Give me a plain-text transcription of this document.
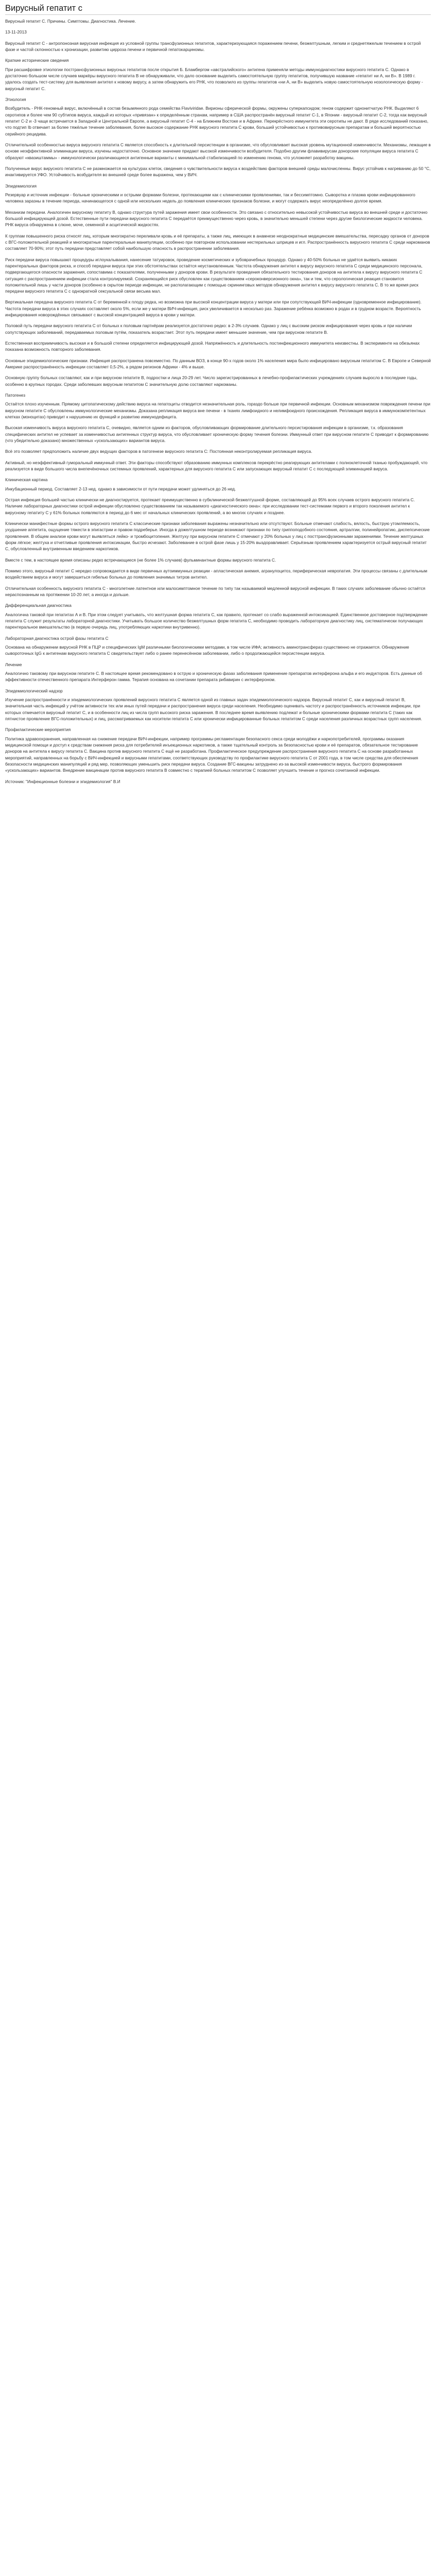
Вирусный гепатит с
Вирусный гепатит С. Причины. Симптомы. Диагностика. Лечение.
13-11-2013
Вирусный гепатит С - антропонозная вирусная инфекция из условной группы трансфузионных гепатитов, характеризующаяся поражением печени, безжелтушным, легким и среднетяжелым течением в острой фазе и частой склонностью к хронизации, развитию цирроза печени и первичной гепатокарциномы.
Краткие исторические сведения
При расшифровке этиологии постгрансфузионных вирусных гепатитов после открытия Б. Бламбергом «австралийского» антигена применяли методы иммунодиагностики вирусного гепатита С. Однако в достаточно большом числе случаев маркёры вирусного гепатита В не обнаруживали, что дало основание выделить самостоятельную группу гепатитов, получившую название «гепатит ни А, ни В». В 1989 г. удалось создать тест-систему для выявления антител к новому вирусу, а затем обнаружить его РНК, что позволило из группы гепатитов «ни А, ни В» выделить новую самостоятельную нозологическую форму - вирусный гепатит С.
Этиология
Возбудитель - РНК-геномный вирус, включённый в состав безымянного рода семейства Flaviviridae. Вирионы сферической формы, окружены суперкапсидом; геном содержит однонитчатую РНК. Выделяют 6 серотипов и более чем 90 субтипов вируса, каждый из которых «привязан» к определённым странам, например в США распространён вирусный гепатит С-1, в Японии - вирусный гепатит С-2, тогда как вирусный гепатит С-2 и -3 чаще встречается в Западной и Центральной Европе, а вирусный гепатит С-4 - на Ближнем Востоке и в Африке. Перекрёстного иммунитета эти серотипы не дают. В ряде исследований показано, что подтип Ib отвечает за более тяжёлые течение заболевания, более высокое содержание РНК вирусного гепатита С крови, больший устойчивостью к противовирусным препаратам и большей вероятностью серийного рецидива.
Отличительной особенностью вируса вирусного гепатита С является способность к длительной персистенции в организме, что обусловливает высокая уровень мутационной изменчивости. Механизмы, лежащие в основе неэффективной элиминации вируса, изучены недостаточно. Основное значение придают высокой изменчивости возбудителя. Подобно другим флавивирусам донорские популяции вируса гепатита С образуют «квазиштаммы» - иммунологически различающиеся антигенные варианты с минимальной стабилизацией по изменению генома, что усложняет разработку вакцины.
Полученные вирус вирусного гепатита С не размножается на культурах клеток, сведения о чувствительности вируса к воздействию факторов внешней среды малочисленны. Вирус устойчив к нагреванию до 50 °С, инактивируется УФО. Устойчивость возбудителя во внешней среде более выражена, чем у ВИЧ.
Эпидемиология
Резервуар и источник инфекции - больные хроническими и острыми формами болезни, протекающими как с клиническими проявлениями, так и бессимптомно. Сыворотка и плазма крови инфицированного человека заразны в течение периода, начинающегося с одной или нескольких недель до появления клинических признаков болезни, и могут содержать вирус неопределённо долгое время.
Механизм передачи. Аналогичен вирусному гепатиту В, однако структура путей заражения имеет свои особенности. Это связано с относительно невысокой устойчивостью вируса во внешней среде и достаточно большой инфицирующей дозой. Естественные пути передачи вирусного гепатита С передаётся преимущественно через кровь, в значительно меньшей степени через другие биологические жидкости человека. РНК вируса обнаружена в слюне, моче, семенной и асцитической жидкостях.
К группам повышенного риска относят лиц, которым многократно переливали кровь и её препараты, а также лиц, имеющих в анамнезе неоднократные медицинские вмешательства, пересадку органов от доноров с ВГС-положительной реакцией и многократные парентеральные манипуляции, особенно при повторном использовании нестерильных шприцев и игл. Распространённость вирусного гепатита С среди наркоманов составляет 70-90%; этот путь передачи представляет собой наибольшую опасность в распространении заболевания.
Риск передачи вируса повышают процедуры иглоукалывания, нанесение татуировок, проведение косметических и зубоврачебных процедур. Однако у 40-50% больных не удаётся выявить никаких парентеральных факторов риска, и способ передачи вируса при этих обстоятельствах остаётся неустановленным. Частота обнаружения антител к вирусу вирусного гепатита С среди медицинского персонала, подвергающегося опасности заражения, сопоставима с показателями, полученными у доноров крови. В результате проведения обязательного тестирования доноров на антитела к вирусу вирусного гепатита С ситуация с распространением инфекции стала контролируемой. Сохраняющийся риск обусловлен как существованием «сероконверсионного окна», так и тем, что серологическая реакция становится положительной лишь у части доноров (особенно в скрытом периоде инфекции, не располагающим с помощью скрининговых методов обнаружения антител к вирусу вирусного гепатита С. В то же время риск передачи вирусного гепатита С с однократной сексуальной связи весьма мал.
Вертикальная передача вирусного гепатита С от беременной к плоду редка, но возможна при высокой концентрации вируса у матери или при сопутствующей ВИЧ-инфекции (одновременное инфицирование). Частота передачи вируса в этих случаях составляет около 5%, если же у матери ВИЧ-инфекция, риск увеличивается в несколько раз. Заражение ребёнка возможно в родах и в грудном возрасте. Вероятность инфицирования новорождённых связывают с высокой концентрацией вируса в крови у матери.
Половой путь передачи вирусного гепатита С от больных к половым партнёрам реализуется достаточно редко: в 2-3% случаев. Однако у лиц с высоким риском инфицирования через кровь и при наличии сопутствующих заболеваний, передаваемых половым путём, показатель возрастает. Этот путь передачи имеет меньшее значение, чем при вирусном гепатите В.
Естественная восприимчивость высокая и в большой степени определяется инфицирующей дозой. Напряжённость и длительность постинфекционного иммунитета неизвестны. В эксперименте на обезьянах показана возможность повторного заболевания.
Основные эпидемиологические признаки. Инфекция распространена повсеместно. По данным ВОЗ, в конце 90-х годов около 1% населения мира было инфицировано вирусным гепатитом С. В Европе и Северной Америке распространённость инфекции составляет 0,5-2%, а рядом регионов Африки - 4% и выше.
Основную группу больных составляют, как и при вирусном гепатите В, подростки и лица 20-29 лет. Число зарегистрированных в лечебно-профилактических учреждениях случаев выросло в последние годы, особенно в крупных городах. Среди заболевших вирусным гепатитом С значительную долю составляют наркоманы.
Патогенез
Остаётся плохо изученным. Прямому цитопатическому действию вируса на гепатоциты отводится незначительная роль, гораздо больше при первичной инфекции. Основным механизмом повреждения печени при вирусном гепатите С обусловлены иммунологические механизмы. Доказана репликация вируса вне печени - в тканях лимфоидного и нелимфоидного происхождения. Репликация вируса в иммунокомпетентных клетках (моноцитах) приводит к нарушению их функций и развитию иммунодефицита.
Высокая изменчивость вируса вирусного гепатита С, очевидно, является одним из факторов, обусловливающих формирование длительного персистирования инфекции в организме, т.к. образования специфических антител не успевает за изменчивостью антигенных структур вируса, что обусловливает хроническую форму течения болезни. Иммунный ответ при вирусном гепатите С приводит к формированию (что убедительно доказано) множественных «ускользающих» вариантов вируса.
Всё это позволяет предположить наличие двух ведущих факторов в патогенезе вирусного гепатита С: Постоянная неконтролируемая репликация вируса.
Активный, но неэффективный гуморальный иммунный ответ. Эти факторы способствуют образованию иммунных комплексов перекрёстно реагирующих антителами с полноклеточной тканью пробуждающей, что реализуется в виде большого числа внепечёночных системных проявлений, характерных для вирусного гепатита С или запускающих вирусный гепатит С с последующей элиминацией вируса.
Клиническая картина
Инкубационный период. Составляет 2-13 нед. однако в зависимости от пути передачи может удлиняться до 26 нед.
Острая инфекция большей частью клинически не диагностируется, протекает преимущественно в субклинической безжелтушной форме, составляющей до 95% всех случаев острого вирусного гепатита С. Наличие лабораторных диагностики острой инфекции обусловлено существованием так называемого «диагностического окна»: при исследовании тест-системами первого и второго поколения антител к вирусному гепатиту С у 61% больных появляются в период до 6 мес от начальных клинических проявлений, а во многих случаях и позднее.
Клинически манифестные формы острого вирусного гепатита С классические признаки заболевания выражены незначительно или отсутствуют. Больные отмечают слабость, вялость, быструю утомляемость, ухудшение аппетита, ощущение тяжести в эпигастрии и правом подреберье. Иногда в дожелтушном периоде возникают признаки по типу гриппоподобного состояния, артралгии, полинейропатию, диспепсические проявления. В общем анализе крови могут выявляться лейко- и тромбоцитопения. Желтуху при вирусном гепатите С отмечают у 20% больных у лиц с посттрансфузионными заражениями. Течение желтушных форм лёгкое; желтуха и отчетливые проявления интоксикации, быстро исчезают. Заболевание в острой фазе лишь у 15-20% выздоравливает. Серьёзным проявлением характеризуется острый вирусный гепатит С, обусловленный внутривенным введением наркотиков.
Вместе с тем, в настоящее время описаны редко встречающиеся (не более 1% случаев) фульминантные формы вирусного гепатита С.
Помимо этого, вирусный гепатит С нередко сопровождается в виде первичных аутоиммунных реакции - апластическая анемия, агранулоцитоз, периферическая невропатия. Эти процессы связаны с длительным воздействием вируса и могут завершиться гибелью больных до появления значимых титров антител.
Отличительная особенность вирусного гепатита С - многолетние латентное или малосимптомное течение по типу так называемой медленной вирусной инфекции. В таких случаях заболевание обычно остаётся нераспознанным на протяжении 10-20 лет, а иногда и дольше.
Дифференциальная диагностика
Аналогична таковой при гепатитах А и В. При этом следует учитывать, что желтушная форма гепатита С, как правило, протекает со слабо выраженной интоксикацией. Единственное достоверное подтверждение гепатита С служит результаты лабораторной диагностики. Учитывать большое количество безжелтушных форм гепатита С, необходимо проводить лабораторную диагностику лиц, систематически получающих парентеральное вмешательство (в первую очередь лиц, употребляющих наркотики внутривенно).
Лабораторная диагностика острой фазы гепатита С
Основана на обнаружении вирусной РНК в ПЦР и специфических IgM различными биологическими методами, в том числе ИФА; активность аминотрансфераз существенно не отражается. Обнаружение сывороточных IgG к антигенам вирусного гепатита С свидетельствует либо о ранее перенесённом заболевании, либо о продолжающейся персистенции вируса.
Лечение
Аналогично таковому при вирусном гепатите С. В настоящее время рекомендовано в острую и хроническую фазах заболевания применение препаратов интерферона альфа и его индукторов. Есть данные об эффективности отечественного препарата Интерферон гамма. Терапия основана на сочетании препарата рибавирин с интерфероном.
Эпидемиологический надзор
Изучение распространённости и эпидемиологических проявлений вирусного гепатита С является одной из главных задач эпидемиологического надзора. Вирусный гепатит С, как и вирусный гепатит В, значительная часть инфекций у учётом активности тех или иных путей передачи и распространения вируса среди населения. Необходимо оценивать частоту и распространённость источников инфекции, при которых отмечается вирусный гепатит С, и в особенности лиц из числа групп высокого риска заражения. В последнее время выявлению подлежат и больные хроническими формами гепатита С (таких как пятнистое проявление ВГС-положительных) и лиц, рассматриваемых как носители гепатита С или хронически инфицированные больных гепатитом С среди населения различных возрастных групп населения.
Профилактические мероприятия
Политика здравоохранения, направленная на снижение передачи ВИЧ-инфекции, например программы регламентации безопасного секса среди молодёжи и наркопотребителей, программы оказания медицинской помощи и доступ к средствам снижения риска для потребителей инъекционных наркотиков, а также тщательный контроль за безопасностью крови и её препаратов, обязательное тестирование доноров на антитела к вирусу гепатита С. Вакцина против вирусного гепатита С ещё не разработана. Профилактическое предупреждение распространения вирусного гепатита С на основе разработанных мероприятий, направленных на борьбу с ВИЧ-инфекцией и вирусными гепатитами, соответствующих руководству по профилактике вирусного гепатита С от 2001 года, в том числе средства для обеспечения безопасности медицинских манипуляций и ряд мер, позволяющих уменьшить риск передачи вируса. Создание ВГС-вакцины затруднено из-за высокой изменчивости вируса, быстрого формирования «ускользающих» вариантов. Внедрение вакцинации против вирусного гепатита В совместно с терапией больных гепатитом С позволяет улучшить течение и прогноз сочетанной инфекции.
Источник: "Инфекционные болезни и эпидемиология" В.И
